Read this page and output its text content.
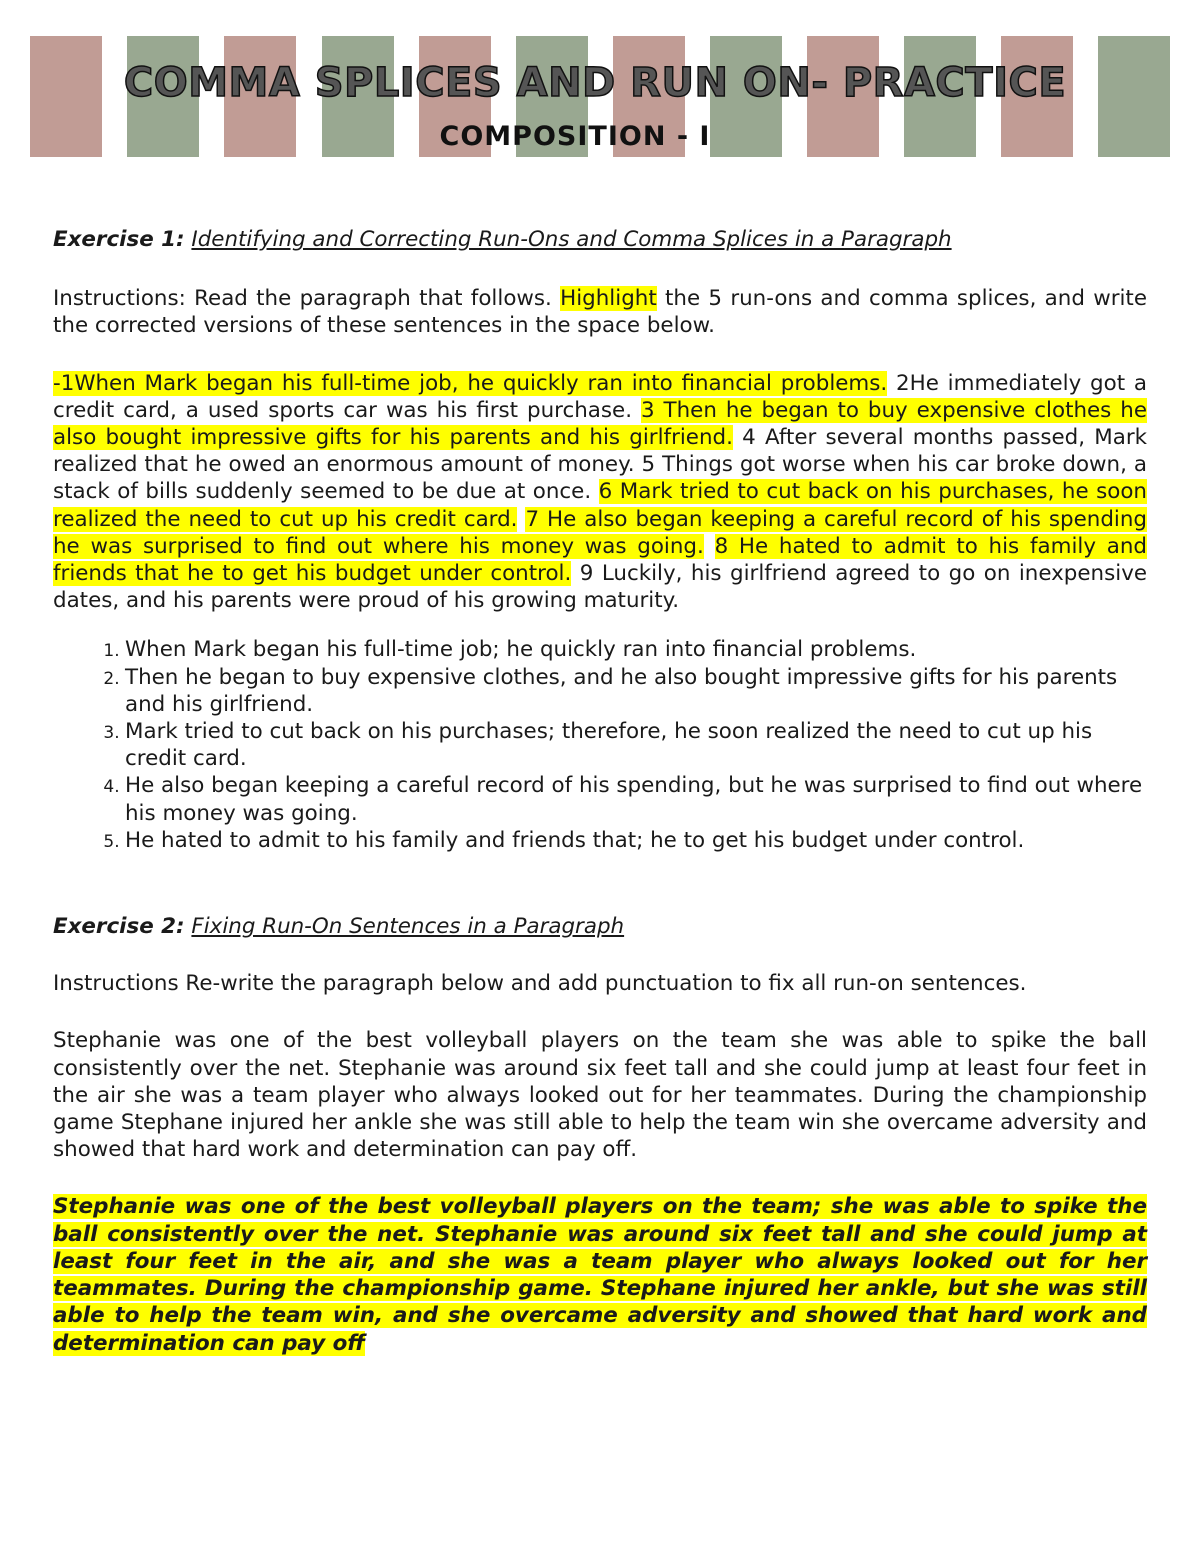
COMMA SPLICES AND RUN ON- PRACTICE
COMPOSITION - I

Exercise 1: Identifying and Correcting Run-Ons and Comma Splices in a Paragraph

Instructions: Read the paragraph that follows. Highlight the 5 run-ons and comma splices, and write the corrected versions of these sentences in the space below.

-1When Mark began his full-time job, he quickly ran into financial problems. 2He immediately got a credit card, a used sports car was his first purchase. 3 Then he began to buy expensive clothes he also bought impressive gifts for his parents and his girlfriend. 4 After several months passed, Mark realized that he owed an enormous amount of money. 5 Things got worse when his car broke down, a stack of bills suddenly seemed to be due at once. 6 Mark tried to cut back on his purchases, he soon realized the need to cut up his credit card. 7 He also began keeping a careful record of his spending he was surprised to find out where his money was going. 8 He hated to admit to his family and friends that he to get his budget under control. 9 Luckily, his girlfriend agreed to go on inexpensive dates, and his parents were proud of his growing maturity.

1. When Mark began his full-time job; he quickly ran into financial problems.
2. Then he began to buy expensive clothes, and he also bought impressive gifts for his parents and his girlfriend.
3. Mark tried to cut back on his purchases; therefore, he soon realized the need to cut up his credit card.
4. He also began keeping a careful record of his spending, but he was surprised to find out where his money was going.
5. He hated to admit to his family and friends that; he to get his budget under control.

Exercise 2: Fixing Run-On Sentences in a Paragraph

Instructions Re-write the paragraph below and add punctuation to fix all run-on sentences.

Stephanie was one of the best volleyball players on the team she was able to spike the ball consistently over the net. Stephanie was around six feet tall and she could jump at least four feet in the air she was a team player who always looked out for her teammates. During the championship game Stephane injured her ankle she was still able to help the team win she overcame adversity and showed that hard work and determination can pay off.

Stephanie was one of the best volleyball players on the team; she was able to spike the ball consistently over the net. Stephanie was around six feet tall and she could jump at least four feet in the air, and she was a team player who always looked out for her teammates. During the championship game. Stephane injured her ankle, but she was still able to help the team win, and she overcame adversity and showed that hard work and determination can pay off
